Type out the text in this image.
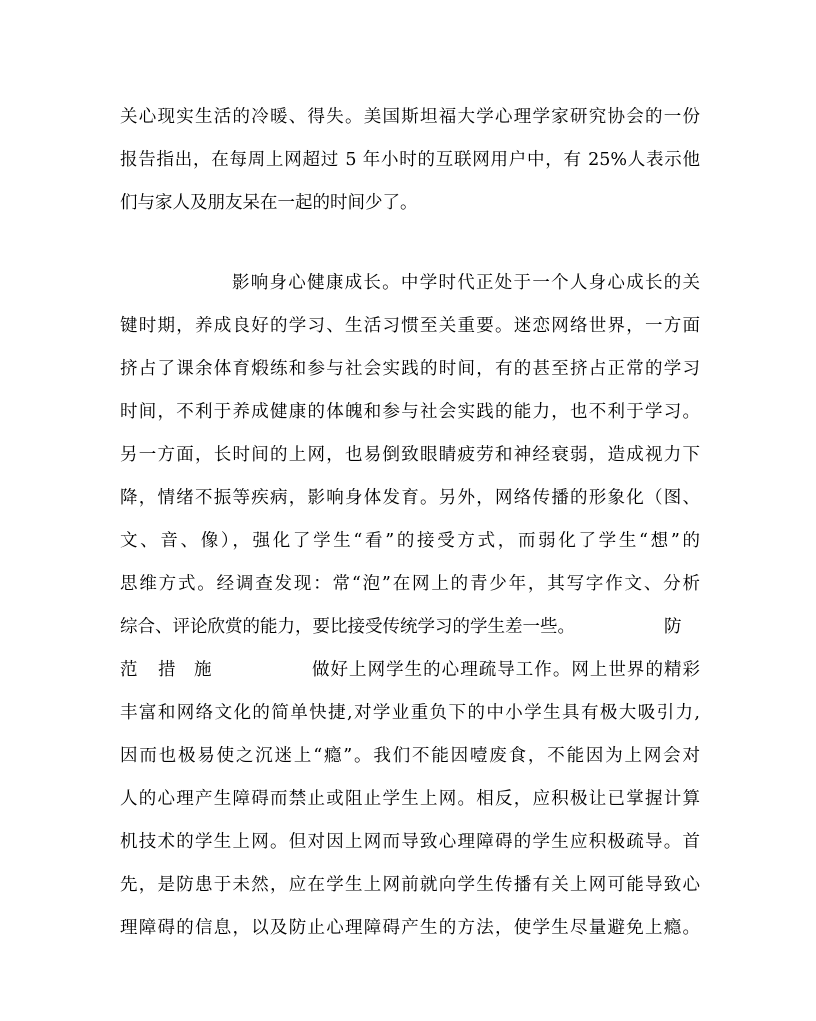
关心现实生活的冷暖、得失。美国斯坦福大学心理学家研究协会的一份
报告指出，在每周上网超过 5 年小时的互联网用户中，有 25%人表示他
们与家人及朋友呆在一起的时间少了。
影响身心健康成长。中学时代正处于一个人身心成长的关
键时期，养成良好的学习、生活习惯至关重要。迷恋网络世界，一方面
挤占了课余体育煅练和参与社会实践的时间，有的甚至挤占正常的学习
时间，不利于养成健康的体魄和参与社会实践的能力，也不利于学习。
另一方面，长时间的上网，也易倒致眼睛疲劳和神经衰弱，造成视力下
降，情绪不振等疾病，影响身体发育。另外，网络传播的形象化（图、
文、音、像），强化了学生“看”的接受方式，而弱化了学生“想”的
思维方式。经调查发现：常“泡”在网上的青少年，其写字作文、分析
综合、评论欣赏的能力，要比接受传统学习的学生差一些。	防
范 措 施	做好上网学生的心理疏导工作。网上世界的精彩
丰富和网络文化的简单快捷,对学业重负下的中小学生具有极大吸引力,
因而也极易使之沉迷上“瘾”。我们不能因噎废食，不能因为上网会对
人的心理产生障碍而禁止或阻止学生上网。相反，应积极让已掌握计算
机技术的学生上网。但对因上网而导致心理障碍的学生应积极疏导。首
先，是防患于未然，应在学生上网前就向学生传播有关上网可能导致心
理障碍的信息，以及防止心理障碍产生的方法，使学生尽量避免上瘾。
